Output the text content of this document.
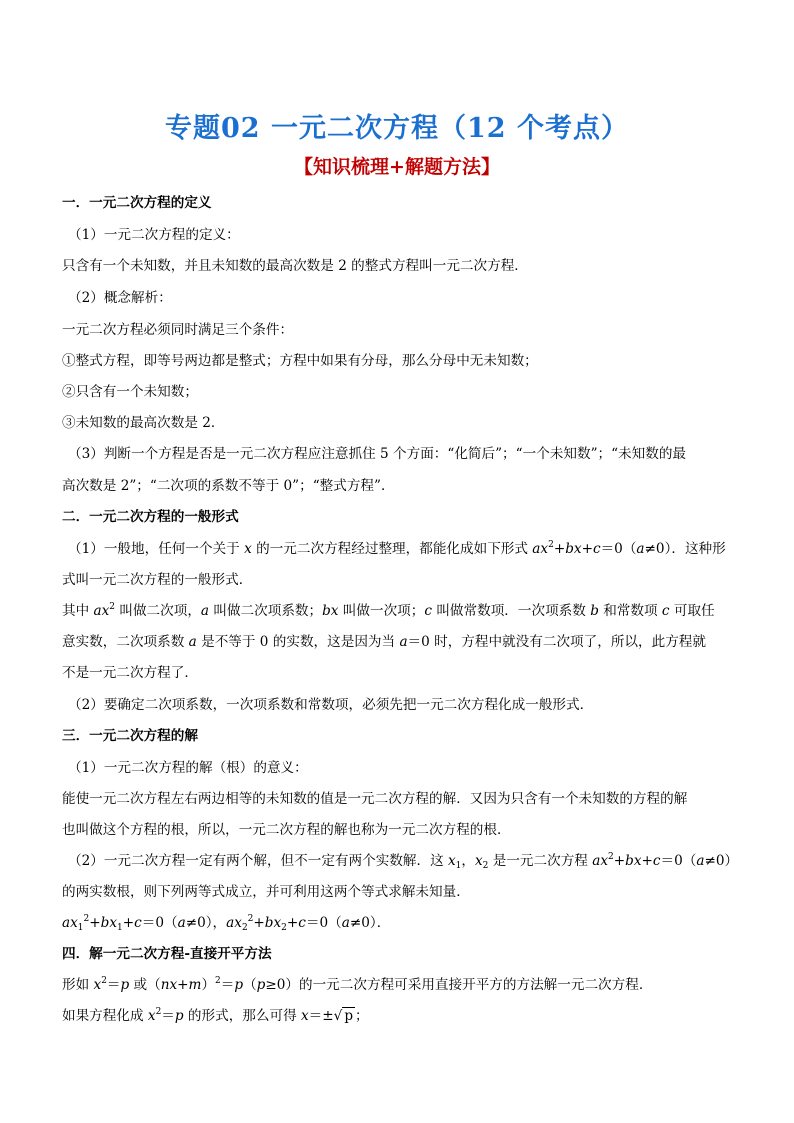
专题02 一元二次方程（12 个考点）
【知识梳理+解题方法】
一．一元二次方程的定义
（1）一元二次方程的定义：
只含有一个未知数，并且未知数的最高次数是 2 的整式方程叫一元二次方程．
（2）概念解析：
一元二次方程必须同时满足三个条件：
①整式方程，即等号两边都是整式；方程中如果有分母，那么分母中无未知数；
②只含有一个未知数；
③未知数的最高次数是 2．
（3）判断一个方程是否是一元二次方程应注意抓住 5 个方面：“化简后”；“一个未知数”；“未知数的最
高次数是 2”；“二次项的系数不等于 0”；“整式方程”．
二．一元二次方程的一般形式
（1）一般地，任何一个关于 x 的一元二次方程经过整理，都能化成如下形式 $ax^2+bx+c=0(a\ne 0)$．这种形
式叫一元二次方程的一般形式．
其中 $ax^2$ 叫做二次项，a 叫做二次项系数；bx 叫做一次项；c 叫做常数项．一次项系数 b 和常数项 c 可取任
意实数，二次项系数 a 是不等于 0 的实数，这是因为当 a＝0 时，方程中就没有二次项了，所以，此方程就
不是一元二次方程了．
（2）要确定二次项系数，一次项系数和常数项，必须先把一元二次方程化成一般形式．
三．一元二次方程的解
（1）一元二次方程的解（根）的意义：
能使一元二次方程左右两边相等的未知数的值是一元二次方程的解．又因为只含有一个未知数的方程的解
也叫做这个方程的根，所以，一元二次方程的解也称为一元二次方程的根．
（2）一元二次方程一定有两个解，但不一定有两个实数解．这 $x_1$，$x_2$ 是一元二次方程 $ax^2+bx+c=0(a\ne 0)$
的两实数根，则下列两等式成立，并可利用这两个等式求解未知量．
$ax_1^2+bx_1+c=0(a\ne 0)$，$ax_2^2+bx_2+c=0(a\ne 0)$．
四．解一元二次方程-直接开平方法
形如 $x^2=p$ 或$(nx+m)^2=p(p\ge 0)$的一元二次方程可采用直接开平方的方法解一元二次方程．
如果方程化成 $x^2=p$ 的形式，那么可得 x＝±√ p ；
